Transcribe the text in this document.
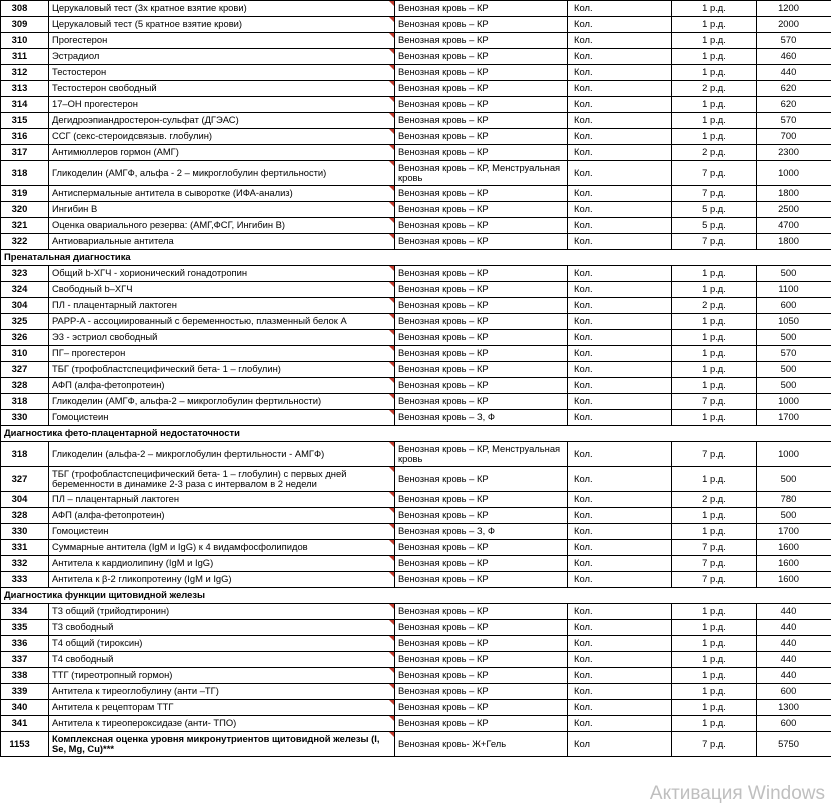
308	Церукаловый тест (3х кратное взятие крови)	Венозная кровь – КР	Кол.	1 р.д.	1200
309	Церукаловый тест (5 кратное взятие крови)	Венозная кровь – КР	Кол.	1 р.д.	2000
310	Прогестерон	Венозная кровь – КР	Кол.	1 р.д.	570
311	Эстрадиол	Венозная кровь – КР	Кол.	1 р.д.	460
312	Тестостерон	Венозная кровь – КР	Кол.	1 р.д.	440
313	Тестостерон свободный	Венозная кровь – КР	Кол.	2 р.д.	620
314	17–ОН прогестерон	Венозная кровь – КР	Кол.	1 р.д.	620
315	Дегидроэпиандростерон-сульфат (ДГЭАС)	Венозная кровь – КР	Кол.	1 р.д.	570
316	ССГ (секс-стероидсвязыв. глобулин)	Венозная кровь – КР	Кол.	1 р.д.	700
317	Антимюллеров гормон (АМГ)	Венозная кровь – КР	Кол.	2 р.д.	2300
318	Гликоделин (АМГФ, альфа - 2 – микроглобулин фертильности)	Венозная кровь – КР, Менструальная кровь	Кол.	7 р.д.	1000
319	Антиспермальные антитела в сыворотке (ИФА-анализ)	Венозная кровь – КР	Кол.	7 р.д.	1800
320	Ингибин В	Венозная кровь – КР	Кол.	5 р.д.	2500
321	Оценка овариального резерва: (АМГ,ФСГ, Ингибин В)	Венозная кровь – КР	Кол.	5 р.д.	4700
322	Антиовариальные антитела	Венозная кровь – КР	Кол.	7 р.д.	1800
Пренатальная диагностика					
323	Общий b-ХГЧ - хорионический гонадотропин	Венозная кровь – КР	Кол.	1 р.д.	500
324	Свободный b–ХГЧ	Венозная кровь – КР	Кол.	1 р.д.	1100
304	ПЛ - плацентарный лактоген	Венозная кровь – КР	Кол.	2 р.д.	600
325	PAPP-A - ассоциированный с беременностью, плазменный белок А	Венозная кровь – КР	Кол.	1 р.д.	1050
326	Э3 - эстриол свободный	Венозная кровь – КР	Кол.	1 р.д.	500
310	ПГ– прогестерон	Венозная кровь – КР	Кол.	1 р.д.	570
327	ТБГ (трофобластспецифический бета- 1 – глобулин)	Венозная кровь – КР	Кол.	1 р.д.	500
328	АФП (алфа-фетопротеин)	Венозная кровь – КР	Кол.	1 р.д.	500
318	Гликоделин (АМГФ, альфа-2 – микроглобулин фертильности)	Венозная кровь – КР	Кол.	7 р.д.	1000
330	Гомоцистеин	Венозная кровь – З, Ф	Кол.	1 р.д.	1700
Диагностика фето-плацентарной недостаточности					
318	Гликоделин (альфа-2 – микроглобулин фертильности - АМГФ)	Венозная кровь – КР, Менструальная кровь	Кол.	7 р.д.	1000
327	ТБГ (трофобластспецифический бета- 1 – глобулин) с первых дней беременности в динамике 2-3 раза с интервалом в 2 недели	Венозная кровь – КР	Кол.	1 р.д.	500
304	ПЛ – плацентарный лактоген	Венозная кровь – КР	Кол.	2 р.д.	780
328	АФП (алфа-фетопротеин)	Венозная кровь – КР	Кол.	1 р.д.	500
330	Гомоцистеин	Венозная кровь – З, Ф	Кол.	1 р.д.	1700
331	Суммарные антитела (IgM и IgG) к 4 видамфосфолипидов	Венозная кровь – КР	Кол.	7 р.д.	1600
332	Антитела к кардиолипину (IgM и IgG)	Венозная кровь – КР	Кол.	7 р.д.	1600
333	Антитела к β-2 гликопротеину (IgM и IgG)	Венозная кровь – КР	Кол.	7 р.д.	1600
Диагностика функции щитовидной железы					
334	Т3 общий (трийодтиронин)	Венозная кровь – КР	Кол.	1 р.д.	440
335	Т3 свободный	Венозная кровь – КР	Кол.	1 р.д.	440
336	Т4 общий (тироксин)	Венозная кровь – КР	Кол.	1 р.д.	440
337	Т4 свободный	Венозная кровь – КР	Кол.	1 р.д.	440
338	ТТГ (тиреотропный гормон)	Венозная кровь – КР	Кол.	1 р.д.	440
339	Антитела к тиреоглобулину (анти –ТГ)	Венозная кровь – КР	Кол.	1 р.д.	600
340	Антитела к рецепторам ТТГ	Венозная кровь – КР	Кол.	1 р.д.	1300
341	Антитела к тиреопероксидазе (анти- ТПО)	Венозная кровь – КР	Кол.	1 р.д.	600
1153	Комплексная оценка уровня микронутриентов щитовидной железы (I, Se, Mg, Cu)***	Венозная кровь- Ж+Гель	Кол	7 р.д.	5750
Активация Windows
